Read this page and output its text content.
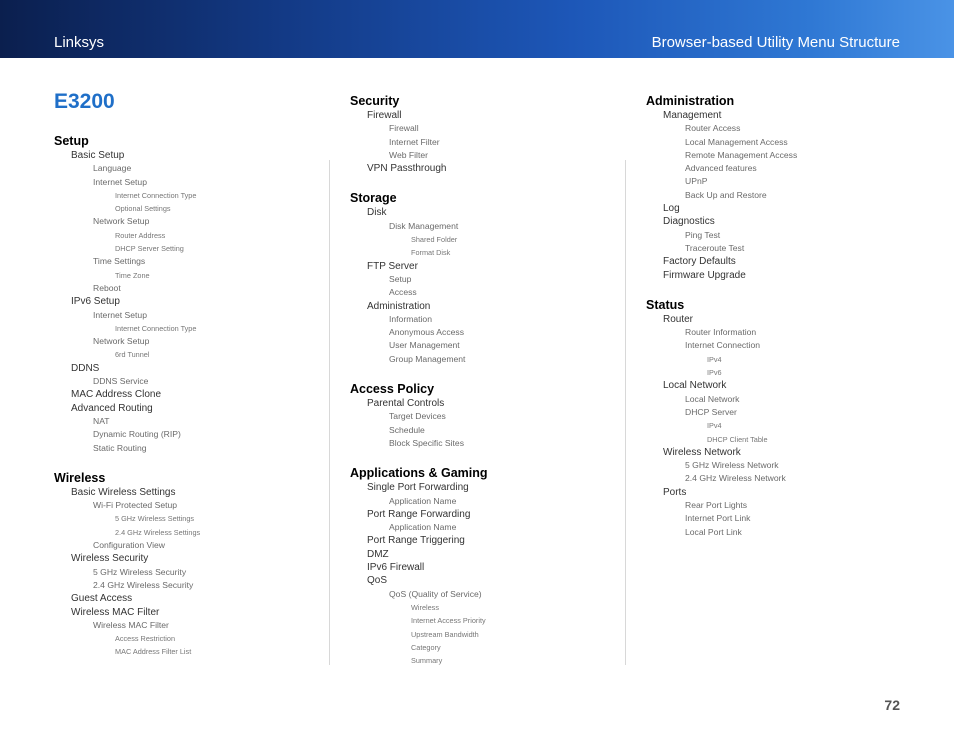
Linksys	Browser-based Utility Menu Structure
E3200
Setup
Basic Setup
Language
Internet Setup
Internet Connection Type
Optional Settings
Network Setup
Router Address
DHCP Server Setting
Time Settings
Time Zone
Reboot
IPv6 Setup
Internet Setup
Internet Connection Type
Network Setup
6rd Tunnel
DDNS
DDNS Service
MAC Address Clone
Advanced Routing
NAT
Dynamic Routing (RIP)
Static Routing
Wireless
Basic Wireless Settings
Wi-Fi Protected Setup
5 GHz Wireless Settings
2.4 GHz Wireless Settings
Configuration View
Wireless Security
5 GHz Wireless Security
2.4 GHz Wireless Security
Guest Access
Wireless MAC Filter
Wireless MAC Filter
Access Restriction
MAC Address Filter List
Security
Firewall
Firewall
Internet Filter
Web Filter
VPN Passthrough
Storage
Disk
Disk Management
Shared Folder
Format Disk
FTP Server
Setup
Access
Administration
Information
Anonymous Access
User Management
Group Management
Access Policy
Parental Controls
Target Devices
Schedule
Block Specific Sites
Applications & Gaming
Single Port Forwarding
Application Name
Port Range Forwarding
Application Name
Port Range Triggering
DMZ
IPv6 Firewall
QoS
QoS (Quality of Service)
Wireless
Internet Access Priority
Upstream Bandwidth
Category
Summary
Administration
Management
Router Access
Local Management Access
Remote Management Access
Advanced features
UPnP
Back Up and Restore
Log
Diagnostics
Ping Test
Traceroute Test
Factory Defaults
Firmware Upgrade
Status
Router
Router Information
Internet Connection
IPv4
IPv6
Local Network
Local Network
DHCP Server
IPv4
DHCP Client Table
Wireless Network
5 GHz Wireless Network
2.4 GHz Wireless Network
Ports
Rear Port Lights
Internet Port Link
Local Port Link
72
